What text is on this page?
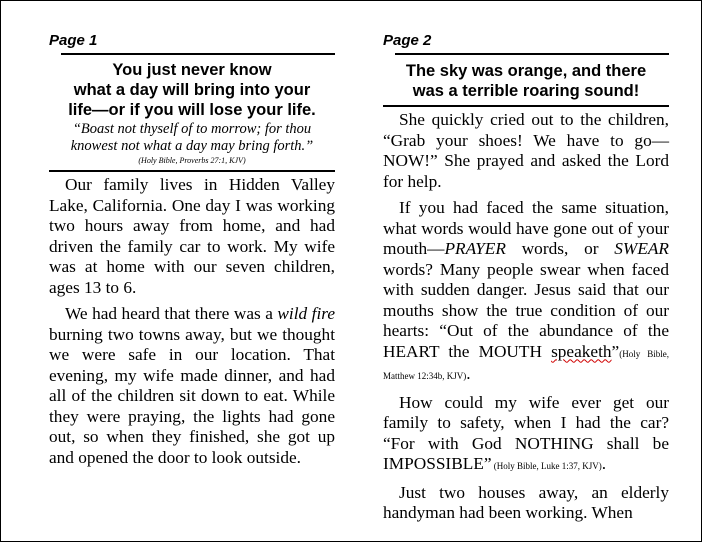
Page 1
You just never know
what a day will bring into your
life—or if you will lose your life.
“Boast not thyself of to morrow; for thou
knowest not what a day may bring forth.”
(Holy Bible, Proverbs 27:1, KJV)

Our family lives in Hidden Valley Lake, California. One day I was working two hours away from home, and had driven the family car to work. My wife was at home with our seven children, ages 13 to 6.

We had heard that there was a wild fire burning two towns away, but we thought we were safe in our location. That evening, my wife made dinner, and had all of the children sit down to eat. While they were praying, the lights had gone out, so when they finished, she got up and opened the door to look outside.

Page 2
The sky was orange, and there
was a terrible roaring sound!

She quickly cried out to the children, “Grab your shoes! We have to go—NOW!” She prayed and asked the Lord for help.

If you had faced the same situation, what words would have gone out of your mouth—PRAYER words, or SWEAR words? Many people swear when faced with sudden danger. Jesus said that our mouths show the true condition of our hearts: “Out of the abundance of the HEART the MOUTH speaketh”(Holy Bible, Matthew 12:34b, KJV).

How could my wife ever get our family to safety, when I had the car? “For with God NOTHING shall be IMPOSSIBLE” (Holy Bible, Luke 1:37, KJV).

Just two houses away, an elderly handyman had been working. When
